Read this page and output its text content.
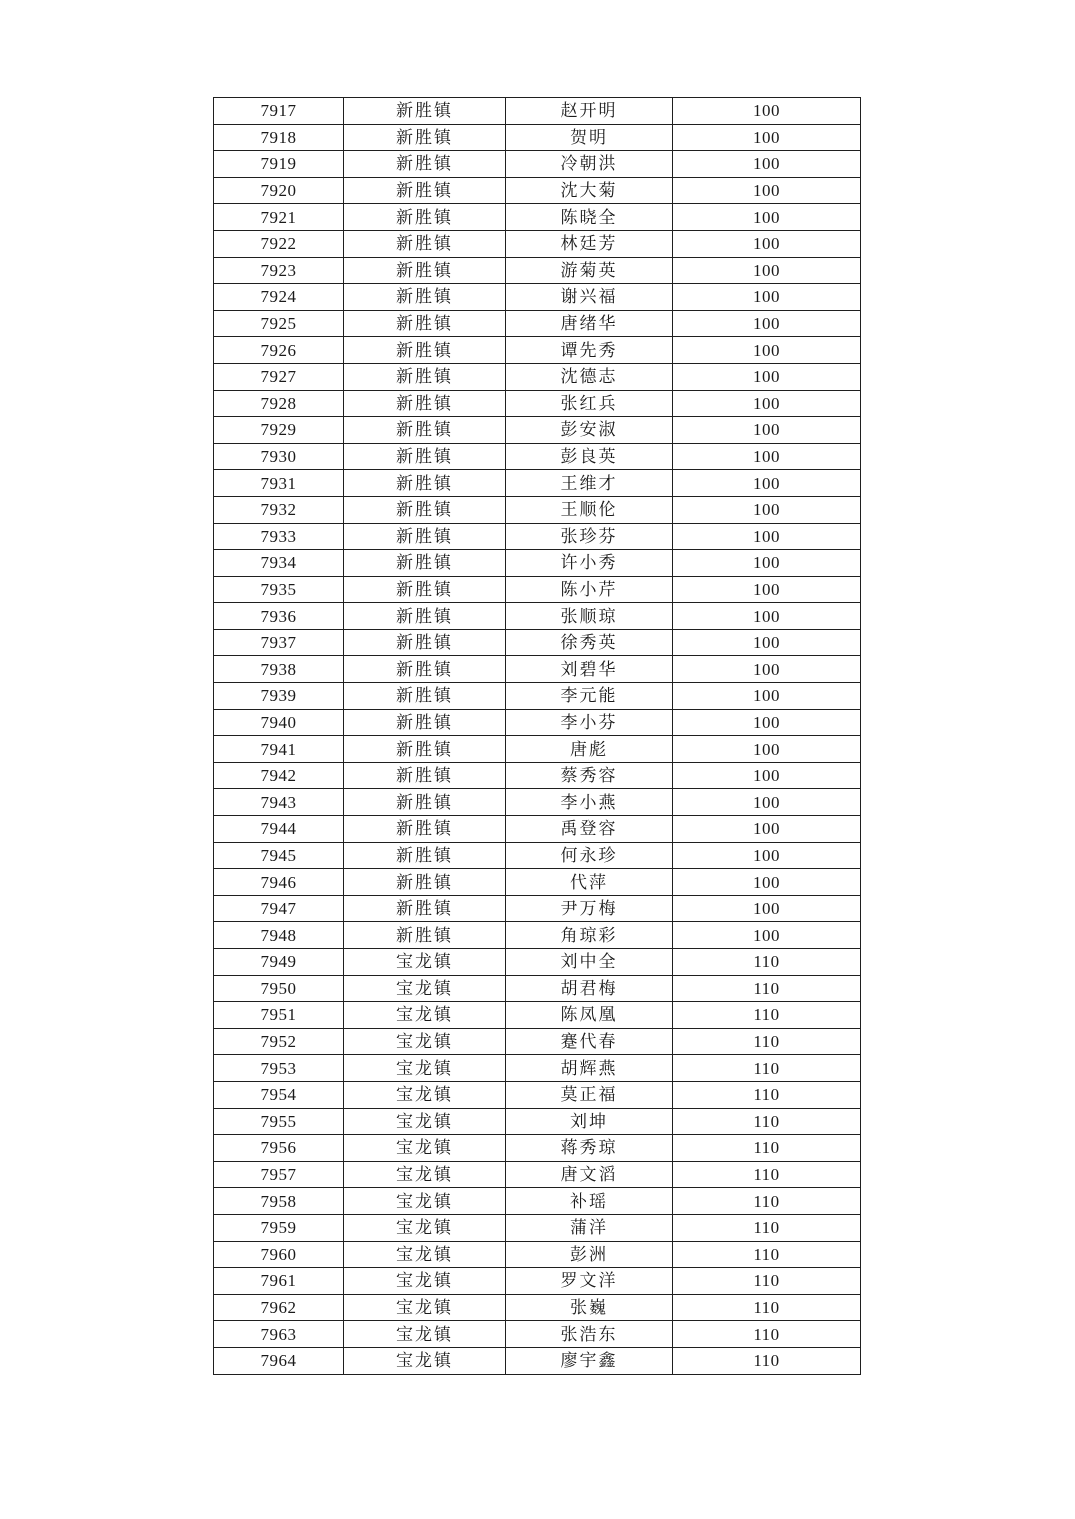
7917	新胜镇	赵开明	100
7918	新胜镇	贺明	100
7919	新胜镇	冷朝洪	100
7920	新胜镇	沈大菊	100
7921	新胜镇	陈晓全	100
7922	新胜镇	林廷芳	100
7923	新胜镇	游菊英	100
7924	新胜镇	谢兴福	100
7925	新胜镇	唐绪华	100
7926	新胜镇	谭先秀	100
7927	新胜镇	沈德志	100
7928	新胜镇	张红兵	100
7929	新胜镇	彭安淑	100
7930	新胜镇	彭良英	100
7931	新胜镇	王维才	100
7932	新胜镇	王顺伦	100
7933	新胜镇	张珍芬	100
7934	新胜镇	许小秀	100
7935	新胜镇	陈小芹	100
7936	新胜镇	张顺琼	100
7937	新胜镇	徐秀英	100
7938	新胜镇	刘碧华	100
7939	新胜镇	李元能	100
7940	新胜镇	李小芬	100
7941	新胜镇	唐彪	100
7942	新胜镇	蔡秀容	100
7943	新胜镇	李小燕	100
7944	新胜镇	禹登容	100
7945	新胜镇	何永珍	100
7946	新胜镇	代萍	100
7947	新胜镇	尹万梅	100
7948	新胜镇	角琼彩	100
7949	宝龙镇	刘中全	110
7950	宝龙镇	胡君梅	110
7951	宝龙镇	陈凤凰	110
7952	宝龙镇	蹇代春	110
7953	宝龙镇	胡辉燕	110
7954	宝龙镇	莫正福	110
7955	宝龙镇	刘坤	110
7956	宝龙镇	蒋秀琼	110
7957	宝龙镇	唐文滔	110
7958	宝龙镇	补瑶	110
7959	宝龙镇	蒲洋	110
7960	宝龙镇	彭洲	110
7961	宝龙镇	罗文洋	110
7962	宝龙镇	张巍	110
7963	宝龙镇	张浩东	110
7964	宝龙镇	廖宇鑫	110
